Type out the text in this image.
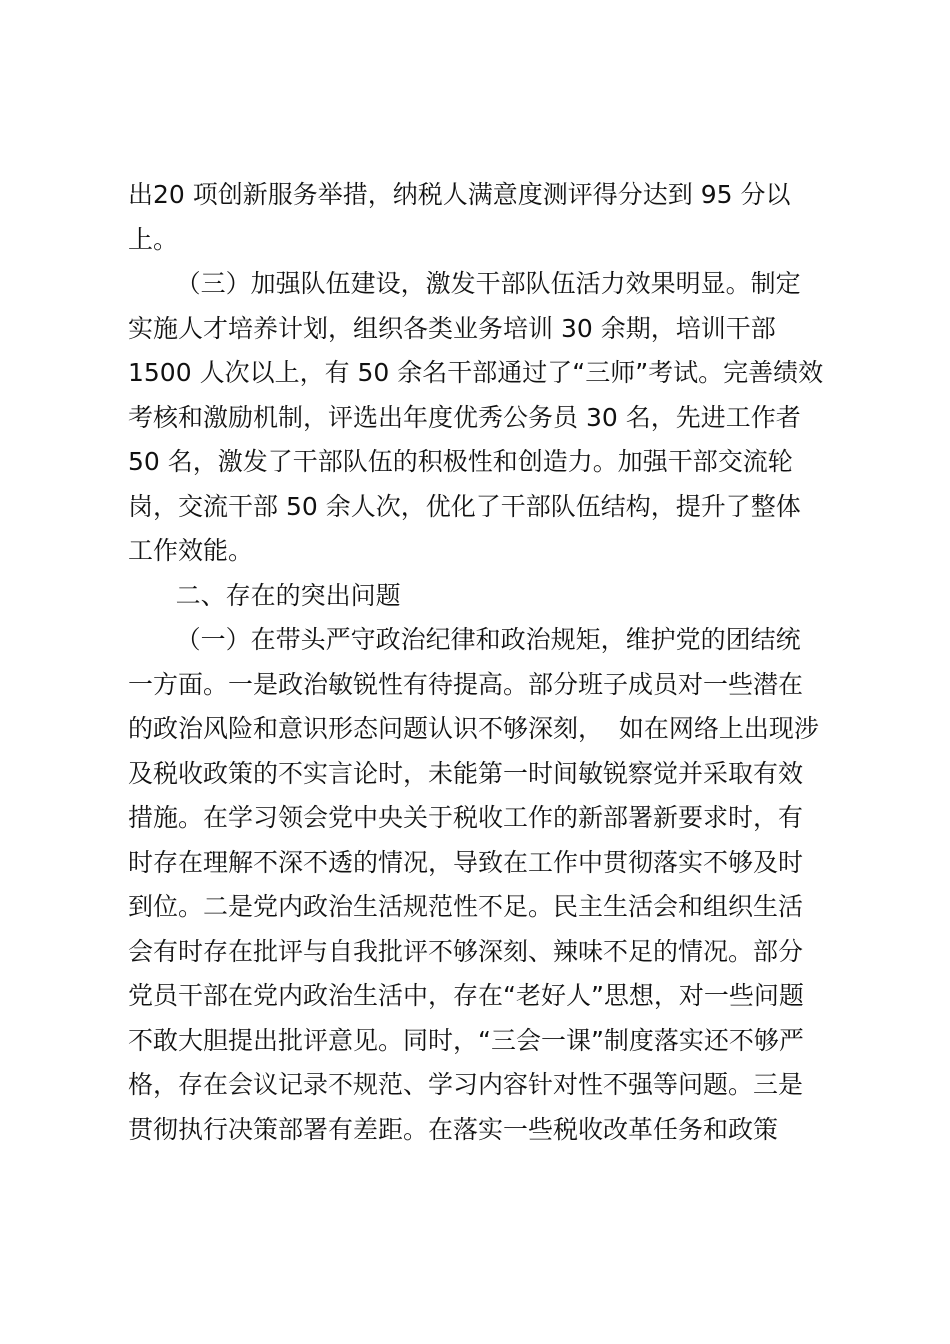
出20 项创新服务举措，纳税人满意度测评得分达到 95 分以
上。
（三）加强队伍建设，激发干部队伍活力效果明显。制定
实施人才培养计划，组织各类业务培训 30 余期，培训干部
1500 人次以上，有 50 余名干部通过了“三师”考试。完善绩效
考核和激励机制，评选出年度优秀公务员 30 名，先进工作者
50 名，激发了干部队伍的积极性和创造力。加强干部交流轮
岗，交流干部 50 余人次，优化了干部队伍结构，提升了整体
工作效能。
二、存在的突出问题
（一）在带头严守政治纪律和政治规矩，维护党的团结统
一方面。一是政治敏锐性有待提高。部分班子成员对一些潜在
的政治风险和意识形态问题认识不够深刻，  如在网络上出现涉
及税收政策的不实言论时，未能第一时间敏锐察觉并采取有效
措施。在学习领会党中央关于税收工作的新部署新要求时，有
时存在理解不深不透的情况，导致在工作中贯彻落实不够及时
到位。二是党内政治生活规范性不足。民主生活会和组织生活
会有时存在批评与自我批评不够深刻、辣味不足的情况。部分
党员干部在党内政治生活中，存在“老好人”思想，对一些问题
不敢大胆提出批评意见。同时，“三会一课”制度落实还不够严
格，存在会议记录不规范、学习内容针对性不强等问题。三是
贯彻执行决策部署有差距。在落实一些税收改革任务和政策
